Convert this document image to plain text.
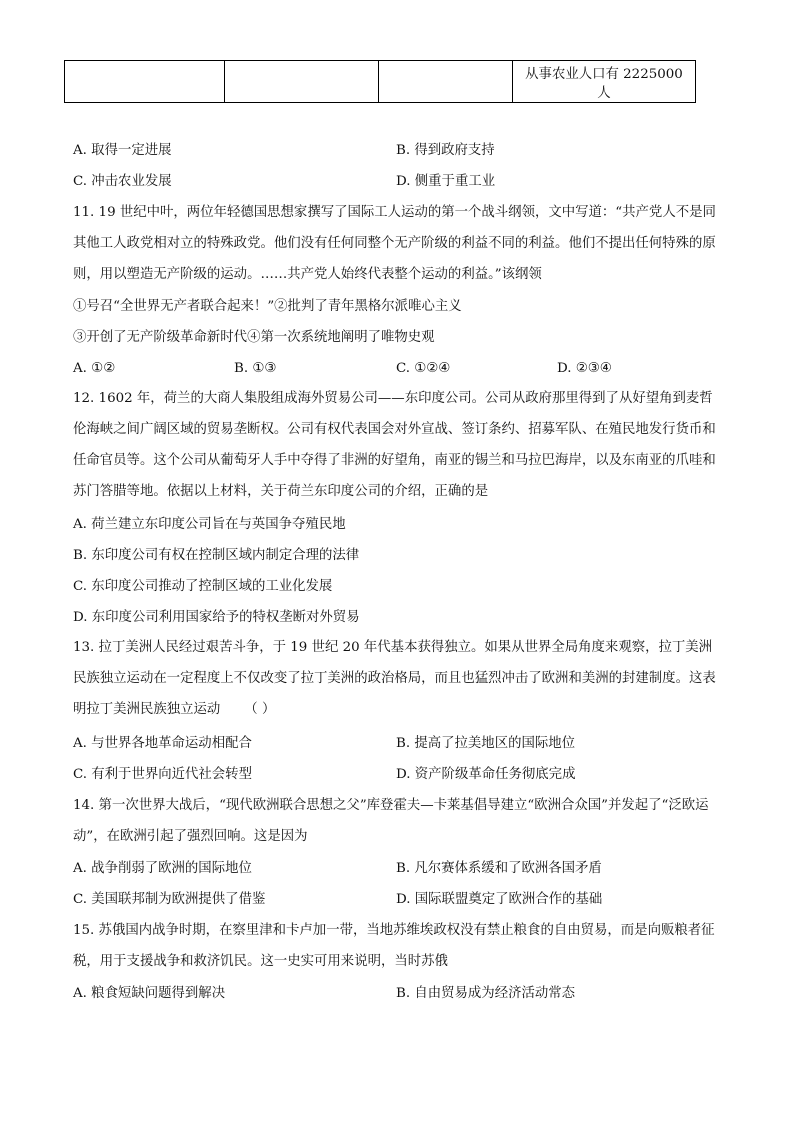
			从事农业人口有 2225000 人
A. 取得一定进展	B. 得到政府支持
C. 冲击农业发展	D. 侧重于重工业
11. 19 世纪中叶，两位年轻德国思想家撰写了国际工人运动的第一个战斗纲领，文中写道：“共产党人不是同其他工人政党相对立的特殊政党。他们没有任何同整个无产阶级的利益不同的利益。他们不提出任何特殊的原则，用以塑造无产阶级的运动。……共产党人始终代表整个运动的利益。”该纲领
①号召“全世界无产者联合起来！”②批判了青年黑格尔派唯心主义
③开创了无产阶级革命新时代④第一次系统地阐明了唯物史观
A. ①②	B. ①③	C. ①②④	D. ②③④
12. 1602 年，荷兰的大商人集股组成海外贸易公司——东印度公司。公司从政府那里得到了从好望角到麦哲伦海峡之间广阔区域的贸易垄断权。公司有权代表国会对外宣战、签订条约、招募军队、在殖民地发行货币和任命官员等。这个公司从葡萄牙人手中夺得了非洲的好望角，南亚的锡兰和马拉巴海岸，以及东南亚的爪哇和苏门答腊等地。依据以上材料，关于荷兰东印度公司的介绍，正确的是
A. 荷兰建立东印度公司旨在与英国争夺殖民地
B. 东印度公司有权在控制区域内制定合理的法律
C. 东印度公司推动了控制区域的工业化发展
D. 东印度公司利用国家给予的特权垄断对外贸易
13. 拉丁美洲人民经过艰苦斗争，于 19 世纪 20 年代基本获得独立。如果从世界全局角度来观察，拉丁美洲民族独立运动在一定程度上不仅改变了拉丁美洲的政治格局，而且也猛烈冲击了欧洲和美洲的封建制度。这表明拉丁美洲民族独立运动 （ ）
A. 与世界各地革命运动相配合	B. 提高了拉美地区的国际地位
C. 有利于世界向近代社会转型	D. 资产阶级革命任务彻底完成
14. 第一次世界大战后，“现代欧洲联合思想之父”库登霍夫—卡莱基倡导建立“欧洲合众国”并发起了“泛欧运动”，在欧洲引起了强烈回响。这是因为
A. 战争削弱了欧洲的国际地位	B. 凡尔赛体系缓和了欧洲各国矛盾
C. 美国联邦制为欧洲提供了借鉴	D. 国际联盟奠定了欧洲合作的基础
15. 苏俄国内战争时期，在察里津和卡卢加一带，当地苏维埃政权没有禁止粮食的自由贸易，而是向贩粮者征税，用于支援战争和救济饥民。这一史实可用来说明，当时苏俄
A. 粮食短缺问题得到解决	B. 自由贸易成为经济活动常态
